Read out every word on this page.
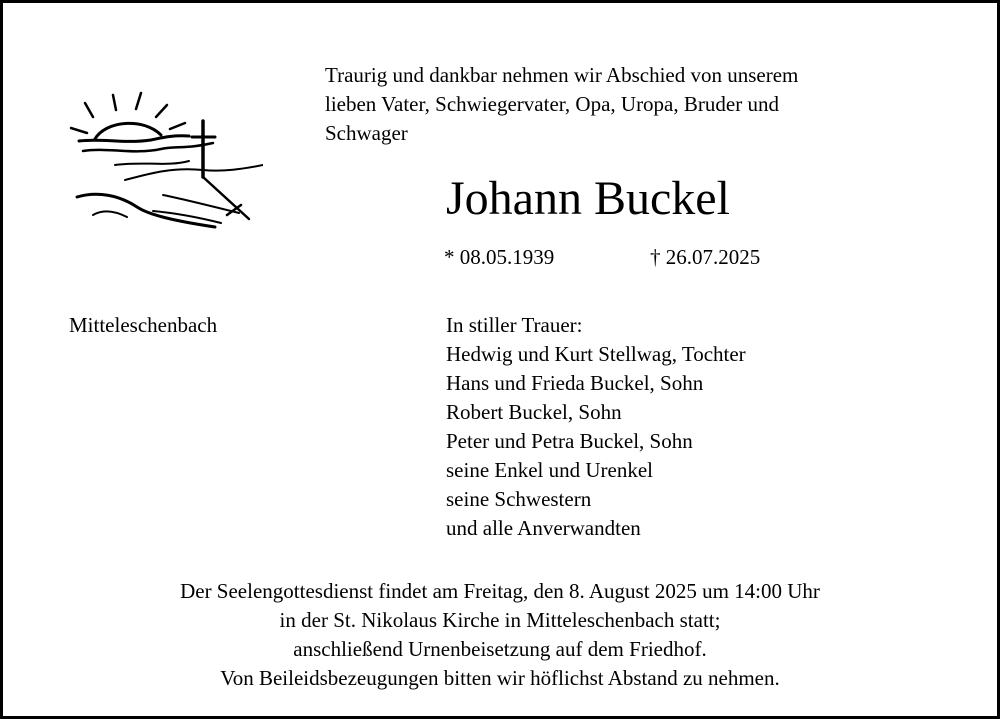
Traurig und dankbar nehmen wir Abschied von unserem
lieben Vater, Schwiegervater, Opa, Uropa, Bruder und
Schwager
Johann Buckel
* 08.05.1939	† 26.07.2025
Mitteleschenbach	In stiller Trauer:
Hedwig und Kurt Stellwag, Tochter
Hans und Frieda Buckel, Sohn
Robert Buckel, Sohn
Peter und Petra Buckel, Sohn
seine Enkel und Urenkel
seine Schwestern
und alle Anverwandten
Der Seelengottesdienst findet am Freitag, den 8. August 2025 um 14:00 Uhr
in der St. Nikolaus Kirche in Mitteleschenbach statt;
anschließend Urnenbeisetzung auf dem Friedhof.
Von Beileidsbezeugungen bitten wir höflichst Abstand zu nehmen.
